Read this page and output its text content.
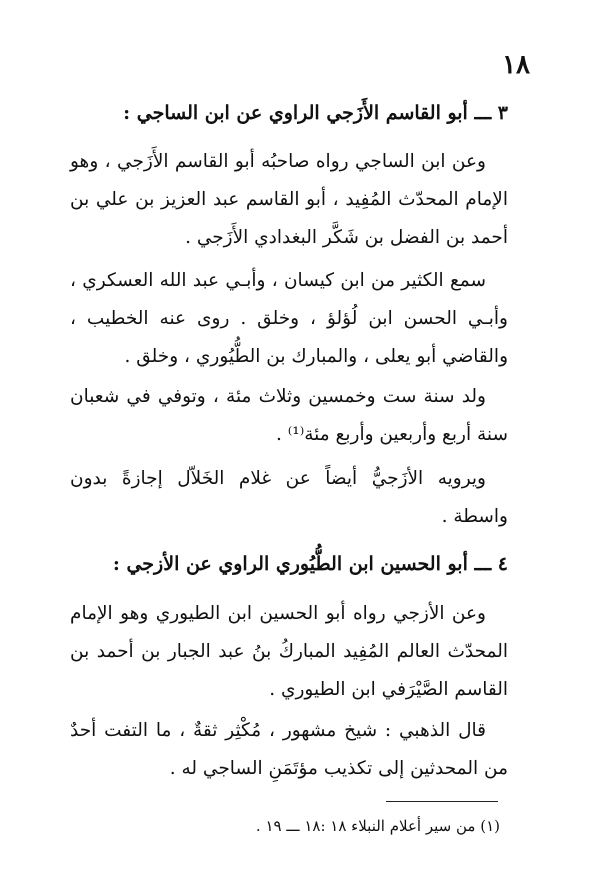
١٨
٣ ـــ أبو القاسم الأَزَجي الراوي عن ابن الساجي :
وعن ابن الساجي رواه صاحبُه أبو القاسم الأَزَجي ، وهو الإمام المحدّث المُفِيد ، أبو القاسم عبد العزيز بن علي بن أحمد بن الفضل بن شَكَّر البغدادي الأَزَجي .
سمع الكثير من ابن كيسان ، وأبـي عبد الله العسكري ، وأبـي الحسن ابن لُؤلؤ ، وخلق . روى عنه الخطيب ، والقاضي أبو يعلى ، والمبارك بن الطُّيُوري ، وخلق .
ولد سنة ست وخمسين وثلاث مئة ، وتوفي في شعبان سنة أربع وأربعين وأربع مئة⁽¹⁾ .
ويرويه الأزَجيُّ أيضاً عن غلام الخَلاّل إجازةً بدون واسطة .
٤ ـــ أبو الحسين ابن الطُّيُوري الراوي عن الأزجي :
وعن الأزجي رواه أبو الحسين ابن الطيوري وهو الإمام المحدّث العالم المُفِيد المباركُ بنُ عبد الجبار بن أحمد بن القاسم الصَّيْرَفي ابن الطيوري .
قال الذهبي : شيخ مشهور ، مُكْثِر ثقةٌ ، ما التفت أحدٌ من المحدثين إلى تكذيب مؤتَمَنِ الساجي له .
(١) من سير أعلام النبلاء ١٨ :١٨ ـــ ١٩ .
